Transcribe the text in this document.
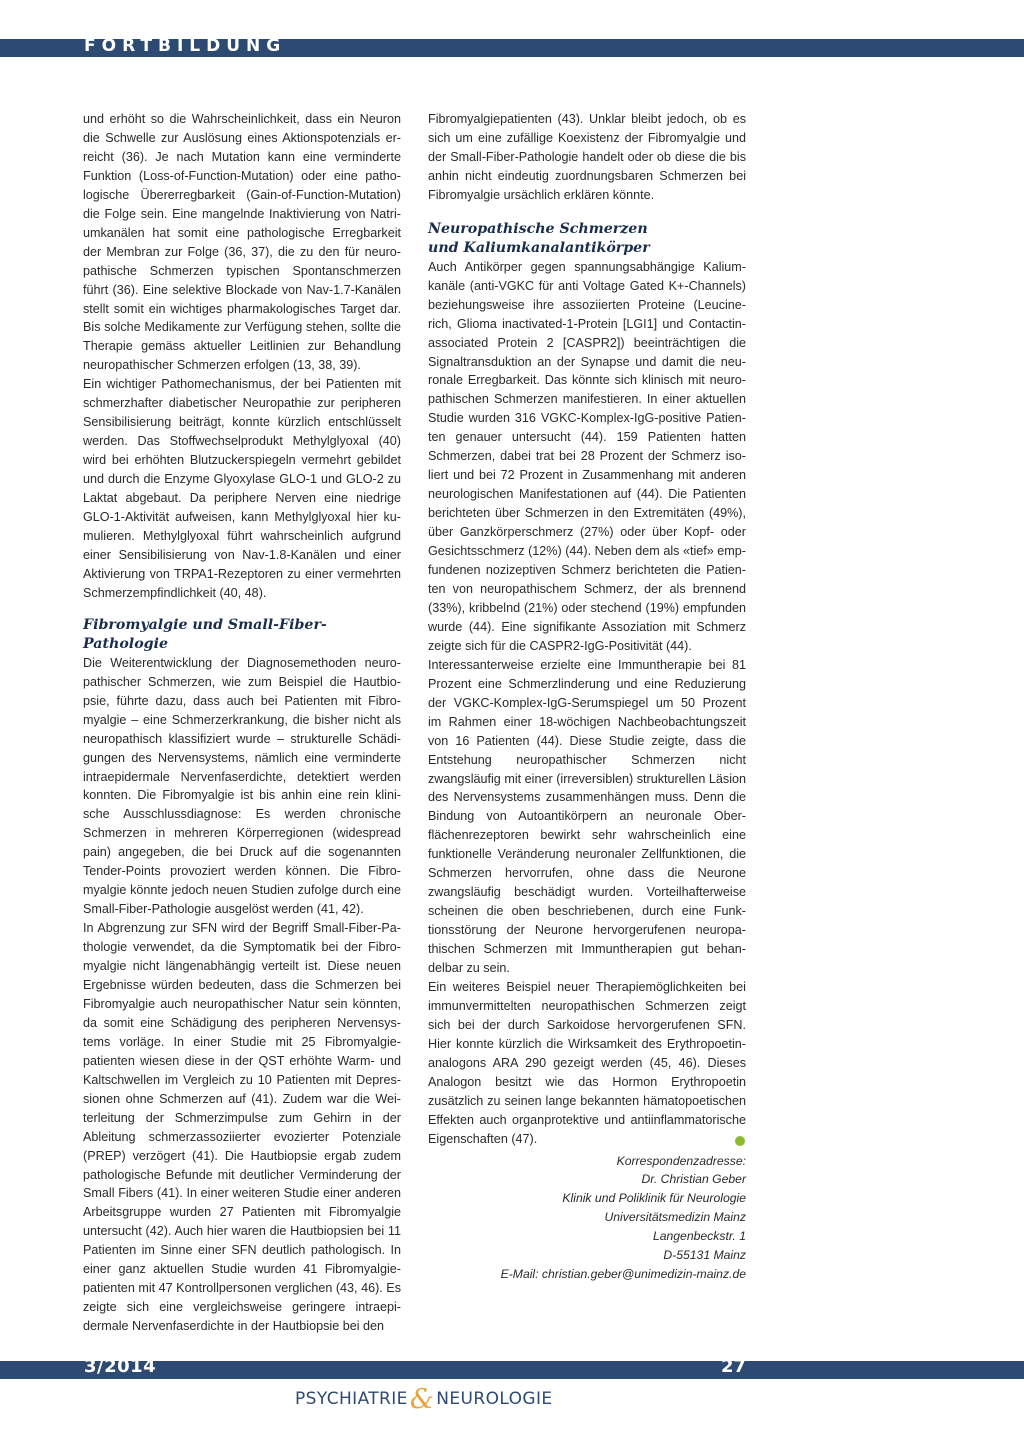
FORTBILDUNG

und erhöht so die Wahrscheinlichkeit, dass ein Neuron die Schwelle zur Auslösung eines Aktionspotenzials erreicht (36). Je nach Mutation kann eine verminderte Funktion (Loss-of-Function-Mutation) oder eine pathologische Übererregbarkeit (Gain-of-Function-Mutation) die Folge sein. Eine mangelnde Inaktivierung von Natriumkanälen hat somit eine pathologische Erregbarkeit der Membran zur Folge (36, 37), die zu den für neuropathische Schmerzen typischen Spontanschmerzen führt (36). Eine selektive Blockade von Nav-1.7-Kanälen stellt somit ein wichtiges pharmakologisches Target dar. Bis solche Medikamente zur Verfügung stehen, sollte die Therapie gemäss aktueller Leitlinien zur Behandlung neuropathischer Schmerzen erfolgen (13, 38, 39).

Ein wichtiger Pathomechanismus, der bei Patienten mit schmerzhafter diabetischer Neuropathie zur peripheren Sensibilisierung beiträgt, konnte kürzlich entschlüsselt werden. Das Stoffwechselprodukt Methylglyoxal (40) wird bei erhöhten Blutzuckerspiegeln vermehrt gebildet und durch die Enzyme Glyoxylase GLO-1 und GLO-2 zu Laktat abgebaut. Da periphere Nerven eine niedrige GLO-1-Aktivität aufweisen, kann Methylglyoxal hier kumulieren. Methylglyoxal führt wahrscheinlich aufgrund einer Sensibilisierung von Nav-1.8-Kanälen und einer Aktivierung von TRPA1-Rezeptoren zu einer vermehrten Schmerzempfindlichkeit (40, 48).

Fibromyalgie und Small-Fiber-Pathologie

Die Weiterentwicklung der Diagnosemethoden neuropathischer Schmerzen, wie zum Beispiel die Hautbiopsie, führte dazu, dass auch bei Patienten mit Fibromyalgie – eine Schmerzerkrankung, die bisher nicht als neuropathisch klassifiziert wurde – strukturelle Schädigungen des Nervensystems, nämlich eine verminderte intraepidermale Nervenfaserdichte, detektiert werden konnten. Die Fibromyalgie ist bis anhin eine rein klinische Ausschlussdiagnose: Es werden chronische Schmerzen in mehreren Körperregionen (widespread pain) angegeben, die bei Druck auf die sogenannten Tender-Points provoziert werden können. Die Fibromyalgie könnte jedoch neuen Studien zufolge durch eine Small-Fiber-Pathologie ausgelöst werden (41, 42).

In Abgrenzung zur SFN wird der Begriff Small-Fiber-Pathologie verwendet, da die Symptomatik bei der Fibromyalgie nicht längenabhängig verteilt ist. Diese neuen Ergebnisse würden bedeuten, dass die Schmerzen bei Fibromyalgie auch neuropathischer Natur sein könnten, da somit eine Schädigung des peripheren Nervensystems vorläge. In einer Studie mit 25 Fibromyalgiepatienten wiesen diese in der QST erhöhte Warm- und Kaltschwellen im Vergleich zu 10 Patienten mit Depressionen ohne Schmerzen auf (41). Zudem war die Weiterleitung der Schmerzimpulse zum Gehirn in der Ableitung schmerzassoziierter evozierter Potenziale (PREP) verzögert (41). Die Hautbiopsie ergab zudem pathologische Befunde mit deutlicher Verminderung der Small Fibers (41). In einer weiteren Studie einer anderen Arbeitsgruppe wurden 27 Patienten mit Fibromyalgie untersucht (42). Auch hier waren die Hautbiopsien bei 11 Patienten im Sinne einer SFN deutlich pathologisch. In einer ganz aktuellen Studie wurden 41 Fibromyalgiepatienten mit 47 Kontrollpersonen verglichen (43, 46). Es zeigte sich eine vergleichsweise geringere intraepidermale Nervenfaserdichte in der Hautbiopsie bei den

Fibromyalgiepatienten (43). Unklar bleibt jedoch, ob es sich um eine zufällige Koexistenz der Fibromyalgie und der Small-Fiber-Pathologie handelt oder ob diese die bis anhin nicht eindeutig zuordnungsbaren Schmerzen bei Fibromyalgie ursächlich erklären könnte.

Neuropathische Schmerzen
und Kaliumkanalantikörper

Auch Antikörper gegen spannungsabhängige Kaliumkanäle (anti-VGKC für anti Voltage Gated K+-Channels) beziehungsweise ihre assoziierten Proteine (Leucine-rich, Glioma inactivated-1-Protein [LGI1] und Contactin-associated Protein 2 [CASPR2]) beeinträchtigen die Signaltransduktion an der Synapse und damit die neuronale Erregbarkeit. Das könnte sich klinisch mit neuropathischen Schmerzen manifestieren. In einer aktuellen Studie wurden 316 VGKC-Komplex-IgG-positive Patienten genauer untersucht (44). 159 Patienten hatten Schmerzen, dabei trat bei 28 Prozent der Schmerz isoliert und bei 72 Prozent in Zusammenhang mit anderen neurologischen Manifestationen auf (44). Die Patienten berichteten über Schmerzen in den Extremitäten (49%), über Ganzkörperschmerz (27%) oder über Kopf- oder Gesichtsschmerz (12%) (44). Neben dem als «tief» empfundenen nozizeptiven Schmerz berichteten die Patienten von neuropathischem Schmerz, der als brennend (33%), kribbelnd (21%) oder stechend (19%) empfunden wurde (44). Eine signifikante Assoziation mit Schmerz zeigte sich für die CASPR2-IgG-Positivität (44).

Interessanterweise erzielte eine Immuntherapie bei 81 Prozent eine Schmerzlinderung und eine Reduzierung der VGKC-Komplex-IgG-Serumspiegel um 50 Prozent im Rahmen einer 18-wöchigen Nachbeobachtungszeit von 16 Patienten (44). Diese Studie zeigte, dass die Entstehung neuropathischer Schmerzen nicht zwangsläufig mit einer (irreversiblen) strukturellen Läsion des Nervensystems zusammenhängen muss. Denn die Bindung von Autoantikörpern an neuronale Oberflächenrezeptoren bewirkt sehr wahrscheinlich eine funktionelle Veränderung neuronaler Zellfunktionen, die Schmerzen hervorrufen, ohne dass die Neurone zwangsläufig beschädigt wurden. Vorteilhafterweise scheinen die oben beschriebenen, durch eine Funktionsstörung der Neurone hervorgerufenen neuropathischen Schmerzen mit Immuntherapien gut behandelbar zu sein.

Ein weiteres Beispiel neuer Therapiemöglichkeiten bei immunvermittelten neuropathischen Schmerzen zeigt sich bei der durch Sarkoidose hervorgerufenen SFN. Hier konnte kürzlich die Wirksamkeit des Erythropoetinanalogons ARA 290 gezeigt werden (45, 46). Dieses Analogon besitzt wie das Hormon Erythropoetin zusätzlich zu seinen lange bekannten hämatopoetischen Effekten auch organprotektive und antiinflammatorische Eigenschaften (47).

Korrespondenzadresse:
Dr. Christian Geber
Klinik und Poliklinik für Neurologie
Universitätsmedizin Mainz
Langenbeckstr. 1
D-55131 Mainz
E-Mail: christian.geber@unimedizin-mainz.de
3/2014	27
PSYCHIATRIE & NEUROLOGIE
